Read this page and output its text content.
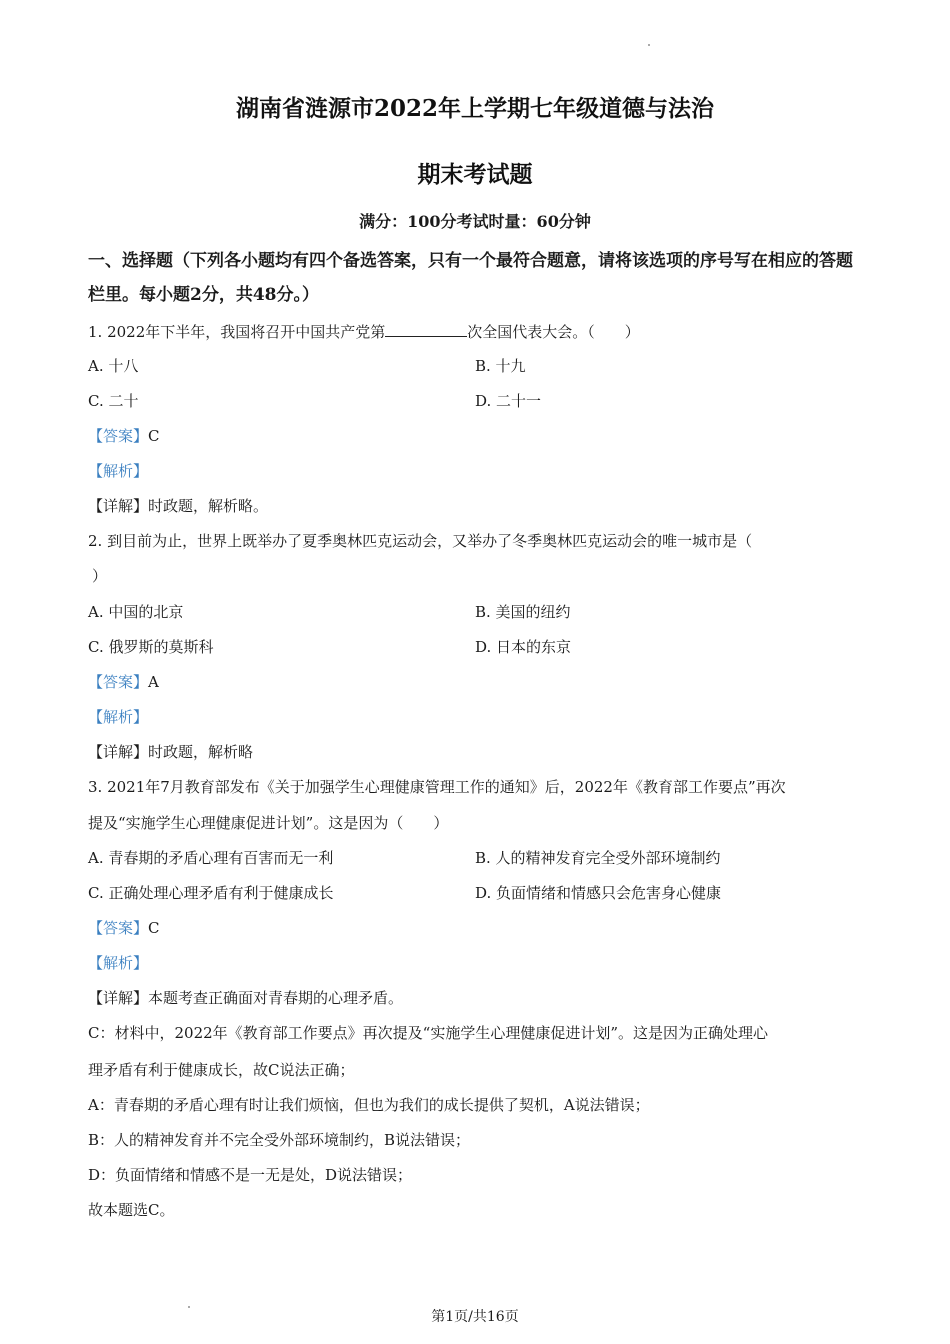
湖南省涟源市2022年上学期七年级道德与法治
期末考试题
满分：100分考试时量：60分钟
一、选择题（下列各小题均有四个备选答案，只有一个最符合题意，请将该选项的序号写在相应的答题栏里。每小题2分，共48分。）
1. 2022年下半年，我国将召开中国共产党第	次全国代表大会。（　　）
A. 十八	B. 十九
C. 二十	D. 二十一
【答案】C
【解析】
【详解】时政题，解析略。
2. 到目前为止，世界上既举办了夏季奥林匹克运动会，又举办了冬季奥林匹克运动会的唯一城市是（
）
A. 中国的北京	B. 美国的纽约
C. 俄罗斯的莫斯科	D. 日本的东京
【答案】A
【解析】
【详解】时政题，解析略
3. 2021年7月教育部发布《关于加强学生心理健康管理工作的通知》后，2022年《教育部工作要点”再次
提及“实施学生心理健康促进计划”。这是因为（　　）
A. 青春期的矛盾心理有百害而无一利	B. 人的精神发育完全受外部环境制约
C. 正确处理心理矛盾有利于健康成长	D. 负面情绪和情感只会危害身心健康
【答案】C
【解析】
【详解】本题考查正确面对青春期的心理矛盾。
C：材料中，2022年《教育部工作要点》再次提及“实施学生心理健康促进计划”。这是因为正确处理心
理矛盾有利于健康成长，故C说法正确；
A：青春期的矛盾心理有时让我们烦恼，但也为我们的成长提供了契机，A说法错误；
B：人的精神发育并不完全受外部环境制约，B说法错误；
D：负面情绪和情感不是一无是处，D说法错误；
故本题选C。
第1页/共16页
